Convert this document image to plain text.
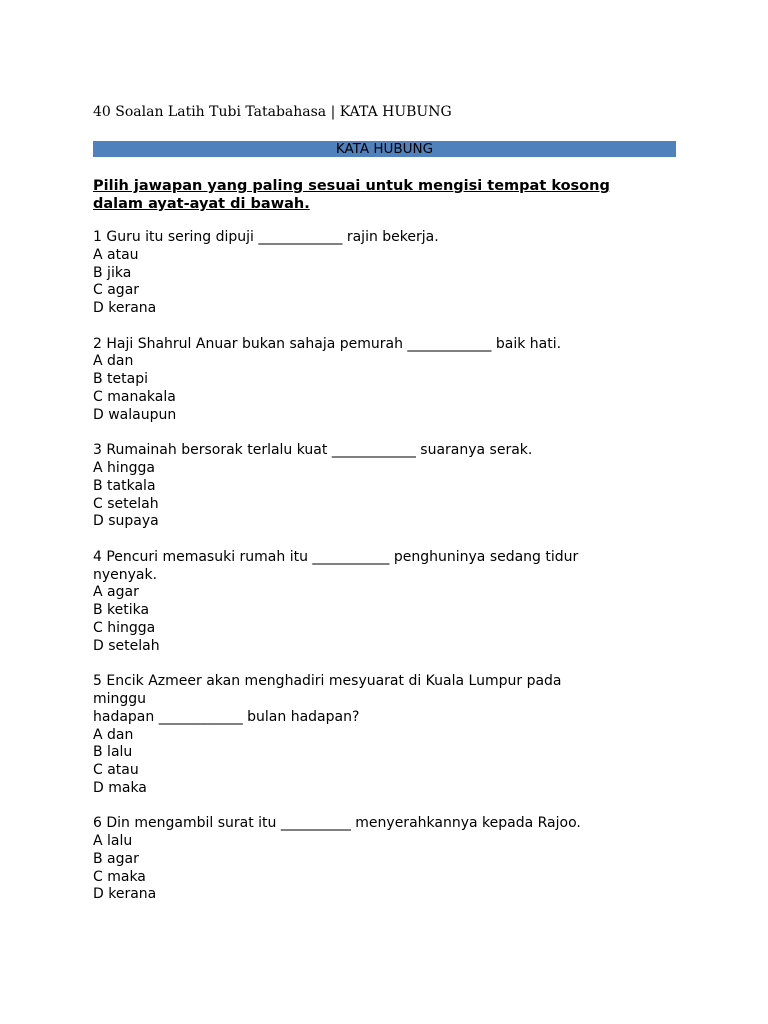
40 Soalan Latih Tubi Tatabahasa | KATA HUBUNG
KATA HUBUNG
Pilih jawapan yang paling sesuai untuk mengisi tempat kosong
dalam ayat-ayat di bawah.
1 Guru itu sering dipuji ____________ rajin bekerja.
A atau
B jika
C agar
D kerana
2 Haji Shahrul Anuar bukan sahaja pemurah ____________ baik hati.
A dan
B tetapi
C manakala
D walaupun
3 Rumainah bersorak terlalu kuat ____________ suaranya serak.
A hingga
B tatkala
C setelah
D supaya
4 Pencuri memasuki rumah itu ___________ penghuninya sedang tidur
nyenyak.
A agar
B ketika
C hingga
D setelah
5 Encik Azmeer akan menghadiri mesyuarat di Kuala Lumpur pada
minggu
hadapan ____________ bulan hadapan?
A dan
B lalu
C atau
D maka
6 Din mengambil surat itu __________ menyerahkannya kepada Rajoo.
A lalu
B agar
C maka
D kerana
